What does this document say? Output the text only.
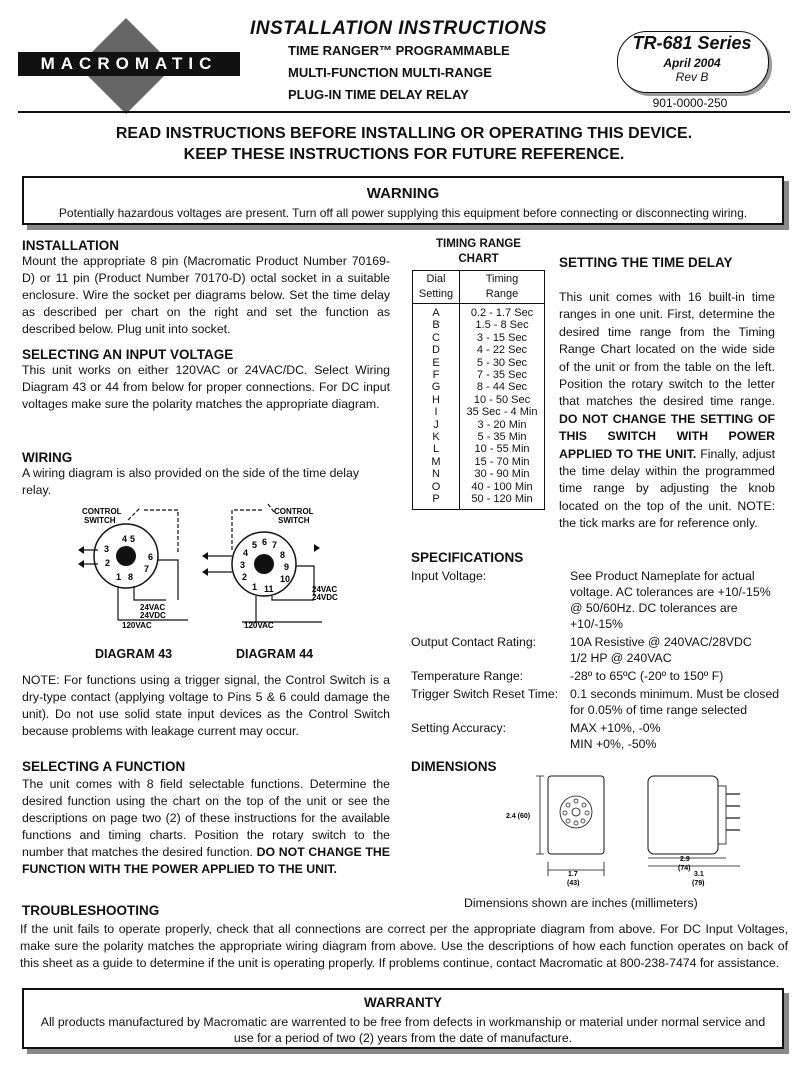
MACROMATIC
INSTALLATION INSTRUCTIONS
TIME RANGER™ PROGRAMMABLE
MULTI-FUNCTION MULTI-RANGE
PLUG-IN TIME DELAY RELAY
TR-681 Series
April 2004
Rev B
901-0000-250
READ INSTRUCTIONS BEFORE INSTALLING OR OPERATING THIS DEVICE.
KEEP THESE INSTRUCTIONS FOR FUTURE REFERENCE.
WARNING
Potentially hazardous voltages are present. Turn off all power supplying this equipment before connecting or disconnecting wiring.
INSTALLATION

Mount the appropriate 8 pin (Macromatic Product Number 70169-D) or 11 pin (Product Number 70170-D) octal socket in a suitable enclosure. Wire the socket per diagrams below. Set the time delay as described per chart on the right and set the function as described below. Plug unit into socket.

SELECTING AN INPUT VOLTAGE

This unit works on either 120VAC or 24VAC/DC. Select Wiring Diagram 43 or 44 from below for proper connections. For DC input voltages make sure the polarity matches the appropriate diagram.

WIRING

A wiring diagram is also provided on the side of the time delay relay.

CONTROL
SWITCH
4 5
3
6
2
7
1 8
24VAC
24VDC
120VAC
CONTROL
SWITCH
5 6 7
4	8
3	9
2	10
1 11	24VAC
24VDC
120VAC
DIAGRAM 43	DIAGRAM 44

NOTE: For functions using a trigger signal, the Control Switch is a dry-type contact (applying voltage to Pins 5 & 6 could damage the unit). Do not use solid state input devices as the Control Switch because problems with leakage current may occur.

TIMING RANGE
CHART
Dial
Setting	Timing
Range
A	0.2 - 1.7 Sec
B	1.5 - 8 Sec
C	3 - 15 Sec
D	4 - 22 Sec
E	5 - 30 Sec
F	7 - 35 Sec
G	8 - 44 Sec
H	10 - 50 Sec
I	35 Sec - 4 Min
J	3 - 20 Min
K	5 - 35 Min
L	10 - 55 Min
M	15 - 70 Min
N	30 - 90 Min
O	40 - 100 Min
P	50 - 120 Min
SETTING THE TIME DELAY

This unit comes with 16 built-in time ranges in one unit. First, determine the desired time range from the Timing Range Chart located on the wide side of the unit or from the table on the left. Position the rotary switch to the letter that matches the desired time range. DO NOT CHANGE THE SETTING OF THIS SWITCH WITH POWER APPLIED TO THE UNIT. Finally, adjust the time delay within the programmed time range by adjusting the knob located on the top of the unit. NOTE: the tick marks are for reference only.

SPECIFICATIONS
Input Voltage:	See Product Nameplate for actual voltage. AC tolerances are +10/-15% @ 50/60Hz. DC tolerances are +10/-15%
Output Contact Rating:	10A Resistive @ 240VAC/28VDC
1/2 HP @ 240VAC
Temperature Range:	-28º to 65ºC (-20º to 150º F)
Trigger Switch Reset Time: 0.1 seconds minimum. Must be closed for 0.05% of time range selected
Setting Accuracy:	MAX +10%, -0%
MIN +0%, -50%
SELECTING A FUNCTION

The unit comes with 8 field selectable functions. Determine the desired function using the chart on the top of the unit or see the descriptions on page two (2) of these instructions for the available functions and timing charts. Position the rotary switch to the number that matches the desired function. DO NOT CHANGE THE FUNCTION WITH THE POWER APPLIED TO THE UNIT.

DIMENSIONS
2.4 (60)
1.7
(43)
2.9
(74)
3.1
(79)
Dimensions shown are inches (millimeters)
TROUBLESHOOTING

If the unit fails to operate properly, check that all connections are correct per the appropriate diagram from above. For DC Input Voltages, make sure the polarity matches the appropriate wiring diagram from above. Use the descriptions of how each function operates on back of this sheet as a guide to determine if the unit is operating properly. If problems continue, contact Macromatic at 800-238-7474 for assistance.

WARRANTY
All products manufactured by Macromatic are warrented to be free from defects in workmanship or material under normal service and use for a period of two (2) years from the date of manufacture.
